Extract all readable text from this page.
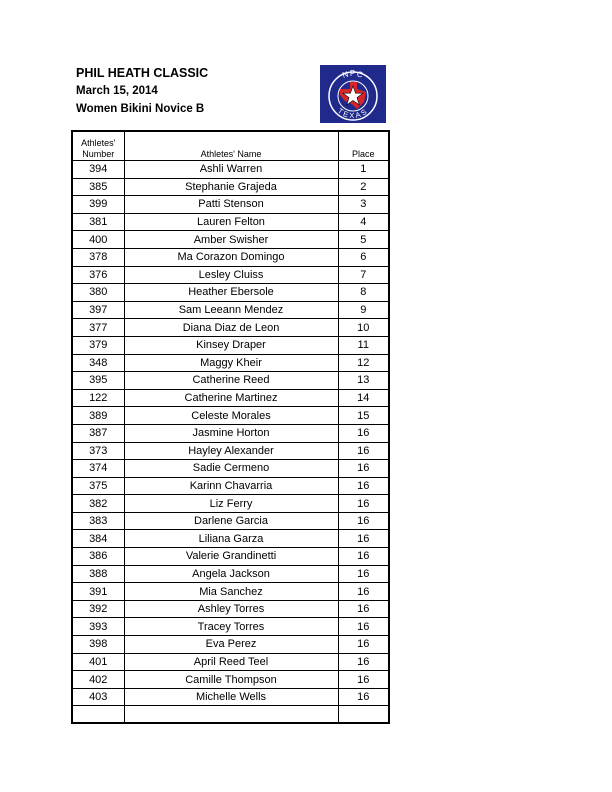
PHIL HEATH CLASSIC
March 15, 2014
Women Bikini Novice B
NPC
TEXAS
Athletes'
Number	Athletes' Name	Place
394	Ashli Warren	1
385	Stephanie Grajeda	2
399	Patti Stenson	3
381	Lauren Felton	4
400	Amber Swisher	5
378	Ma Corazon Domingo	6
376	Lesley Cluiss	7
380	Heather Ebersole	8
397	Sam Leeann Mendez	9
377	Diana Diaz de Leon	10
379	Kinsey Draper	11
348	Maggy Kheir	12
395	Catherine Reed	13
122	Catherine Martinez	14
389	Celeste Morales	15
387	Jasmine Horton	16
373	Hayley Alexander	16
374	Sadie Cermeno	16
375	Karinn Chavarria	16
382	Liz Ferry	16
383	Darlene Garcia	16
384	Liliana Garza	16
386	Valerie Grandinetti	16
388	Angela Jackson	16
391	Mia Sanchez	16
392	Ashley Torres	16
393	Tracey Torres	16
398	Eva Perez	16
401	April Reed Teel	16
402	Camille Thompson	16
403	Michelle Wells	16
